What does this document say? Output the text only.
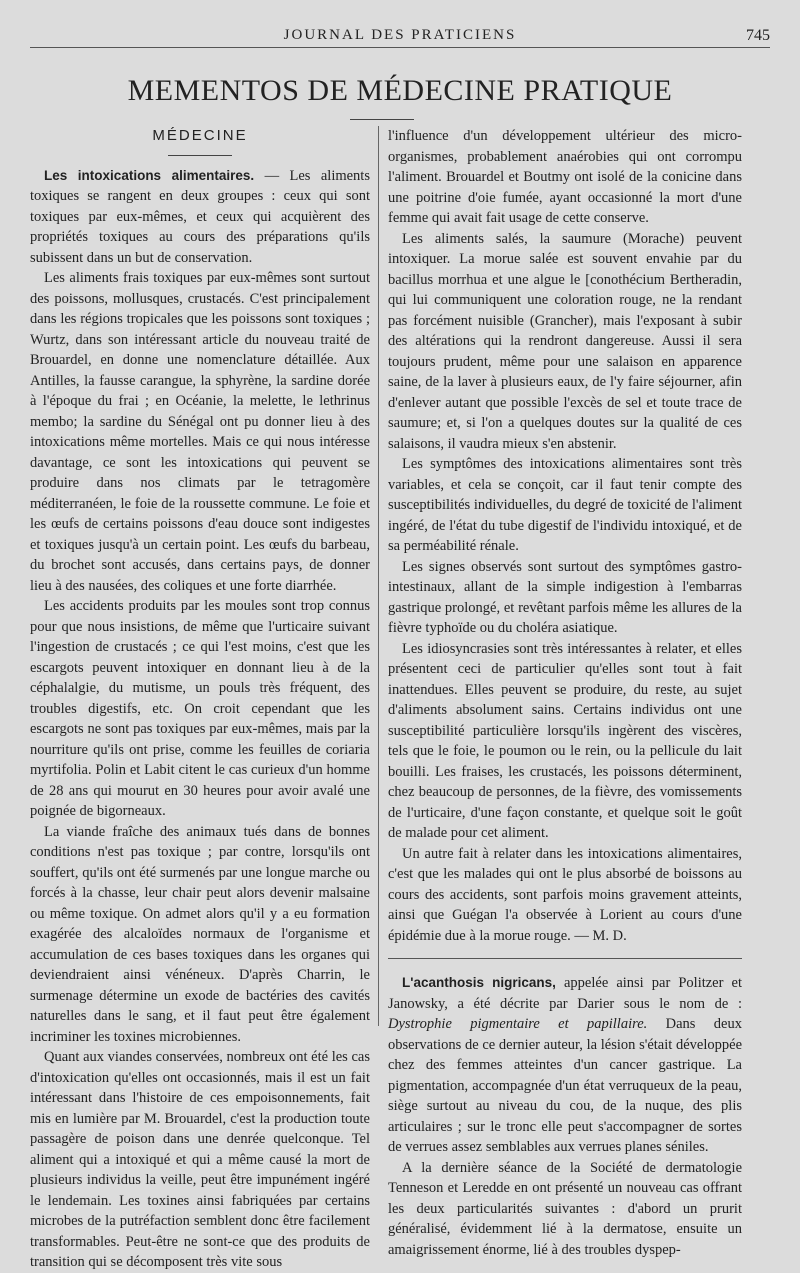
JOURNAL DES PRATICIENS	745
MEMENTOS DE MÉDECINE PRATIQUE
MÉDECINE

Les intoxications alimentaires. — Les aliments toxiques se rangent en deux groupes : ceux qui sont toxiques par eux-mêmes, et ceux qui acquièrent des propriétés toxiques au cours des préparations qu'ils subissent dans un but de conservation.

Les aliments frais toxiques par eux-mêmes sont surtout des poissons, mollusques, crustacés. C'est principalement dans les régions tropicales que les poissons sont toxiques ; Wurtz, dans son intéressant article du nouveau traité de Brouardel, en donne une nomenclature détaillée. Aux Antilles, la fausse carangue, la sphyrène, la sardine dorée à l'époque du frai ; en Océanie, la melette, le lethrinus membo; la sardine du Sénégal ont pu donner lieu à des intoxications même mortelles. Mais ce qui nous intéresse davantage, ce sont les intoxications qui peuvent se produire dans nos climats par le tetragomère méditerranéen, le foie de la roussette commune. Le foie et les œufs de certains poissons d'eau douce sont indigestes et toxiques jusqu'à un certain point. Les œufs du barbeau, du brochet sont accusés, dans certains pays, de donner lieu à des nausées, des coliques et une forte diarrhée.

Les accidents produits par les moules sont trop connus pour que nous insistions, de même que l'urticaire suivant l'ingestion de crustacés ; ce qui l'est moins, c'est que les escargots peuvent intoxiquer en donnant lieu à de la céphalalgie, du mutisme, un pouls très fréquent, des troubles digestifs, etc. On croit cependant que les escargots ne sont pas toxiques par eux-mêmes, mais par la nourriture qu'ils ont prise, comme les feuilles de coriaria myrtifolia. Polin et Labit citent le cas curieux d'un homme de 28 ans qui mourut en 30 heures pour avoir avalé une poignée de bigorneaux.

La viande fraîche des animaux tués dans de bonnes conditions n'est pas toxique ; par contre, lorsqu'ils ont souffert, qu'ils ont été surmenés par une longue marche ou forcés à la chasse, leur chair peut alors devenir malsaine ou même toxique. On admet alors qu'il y a eu formation exagérée des alcaloïdes normaux de l'organisme et accumulation de ces bases toxiques dans les organes qui deviendraient ainsi vénéneux. D'après Charrin, le surmenage détermine un exode de bactéries des cavités naturelles dans le sang, et il faut peut être également incriminer les toxines microbiennes.

Quant aux viandes conservées, nombreux ont été les cas d'intoxication qu'elles ont occasionnés, mais il est un fait intéressant dans l'histoire de ces empoisonnements, fait mis en lumière par M. Brouardel, c'est la production toute passagère de poison dans une denrée quelconque. Tel aliment qui a intoxiqué et qui a même causé la mort de plusieurs individus la veille, peut être impunément ingéré le lendemain. Les toxines ainsi fabriquées par certains microbes de la putréfaction semblent donc être facilement transformables. Peut-être ne sont-ce que des produits de transition qui se décomposent très vite sous

l'influence d'un développement ultérieur des micro-organismes, probablement anaérobies qui ont corrompu l'aliment. Brouardel et Boutmy ont isolé de la conicine dans une poitrine d'oie fumée, ayant occasionné la mort d'une femme qui avait fait usage de cette conserve.

Les aliments salés, la saumure (Morache) peuvent intoxiquer. La morue salée est souvent envahie par du bacillus morrhua et une algue le [conothécium Bertheradin, qui lui communiquent une coloration rouge, ne la rendant pas forcément nuisible (Grancher), mais l'exposant à subir des altérations qui la rendront dangereuse. Aussi il sera toujours prudent, même pour une salaison en apparence saine, de la laver à plusieurs eaux, de l'y faire séjourner, afin d'enlever autant que possible l'excès de sel et toute trace de saumure; et, si l'on a quelques doutes sur la qualité de ces salaisons, il vaudra mieux s'en abstenir.

Les symptômes des intoxications alimentaires sont très variables, et cela se conçoit, car il faut tenir compte des susceptibilités individuelles, du degré de toxicité de l'aliment ingéré, de l'état du tube digestif de l'individu intoxiqué, et de sa perméabilité rénale.

Les signes observés sont surtout des symptômes gastro-intestinaux, allant de la simple indigestion à l'embarras gastrique prolongé, et revêtant parfois même les allures de la fièvre typhoïde ou du choléra asiatique.

Les idiosyncrasies sont très intéressantes à relater, et elles présentent ceci de particulier qu'elles sont tout à fait inattendues. Elles peuvent se produire, du reste, au sujet d'aliments absolument sains. Certains individus ont une susceptibilité particulière lorsqu'ils ingèrent des viscères, tels que le foie, le poumon ou le rein, ou la pellicule du lait bouilli. Les fraises, les crustacés, les poissons déterminent, chez beaucoup de personnes, de la fièvre, des vomissements de l'urticaire, d'une façon constante, et quelque soit le goût de malade pour cet aliment.

Un autre fait à relater dans les intoxications alimentaires, c'est que les malades qui ont le plus absorbé de boissons au cours des accidents, sont parfois moins gravement atteints, ainsi que Guégan l'a observée à Lorient au cours d'une épidémie due à la morue rouge. — M. D.

L'acanthosis nigricans, appelée ainsi par Politzer et Janowsky, a été décrite par Darier sous le nom de : Dystrophie pigmentaire et papillaire. Dans deux observations de ce dernier auteur, la lésion s'était développée chez des femmes atteintes d'un cancer gastrique. La pigmentation, accompagnée d'un état verruqueux de la peau, siège surtout au niveau du cou, de la nuque, des plis articulaires ; sur le tronc elle peut s'accompagner de sortes de verrues assez semblables aux verrues planes séniles.

A la dernière séance de la Société de dermatologie Tenneson et Leredde en ont présenté un nouveau cas offrant les deux particularités suivantes : d'abord un prurit généralisé, évidemment lié à la dermatose, ensuite un amaigrissement énorme, lié à des troubles dyspep-
